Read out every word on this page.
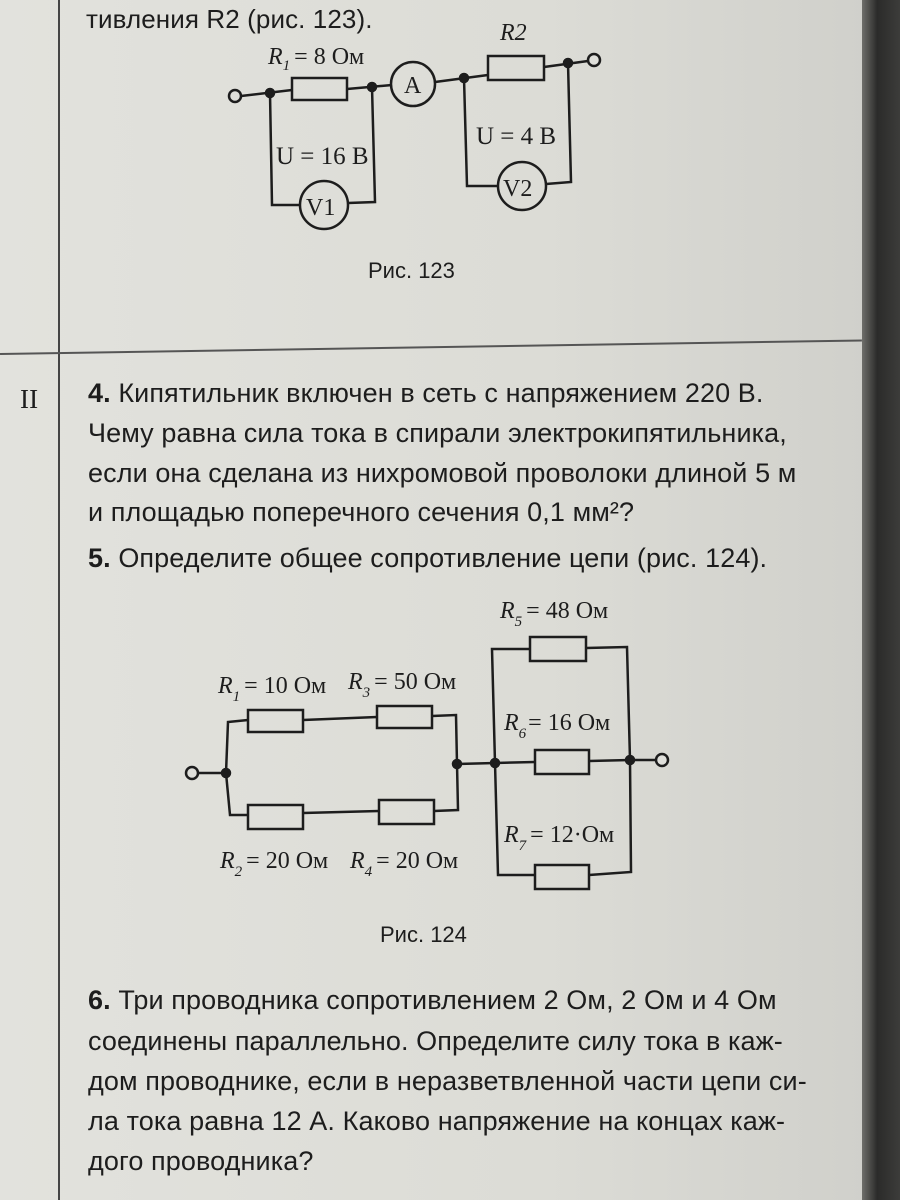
тивления R2 (рис. 123).
$R_1 = 8$ Ом
A
R2
U = 16 В
U = 4 В
V1
V2
Рис. 123
II 4. Кипятильник включен в сеть с напряжением 220 В.
Чему равна сила тока в спирали электрокипятильника,
если она сделана из нихромовой проволоки длиной 5 м
и площадью поперечного сечения 0,1 мм²?
5. Определите общее сопротивление цепи (рис. 124).
$R_1 = 10$ Ом $R_3 = 50$ Ом
$R_2 = 20$ Ом $R_4 = 20$ Ом
$R_5 = 48$ Ом
$R_6= 16$ Ом
$R_7 = 12\cdot Ом$
Рис. 124
6. Три проводника сопротивлением 2 Ом, 2 Ом и 4 Ом
соединены параллельно. Определите силу тока в каж-
дом проводнике, если в неразветвленной части цепи си-
ла тока равна 12 А. Каково напряжение на концах каж-
дого проводника?
